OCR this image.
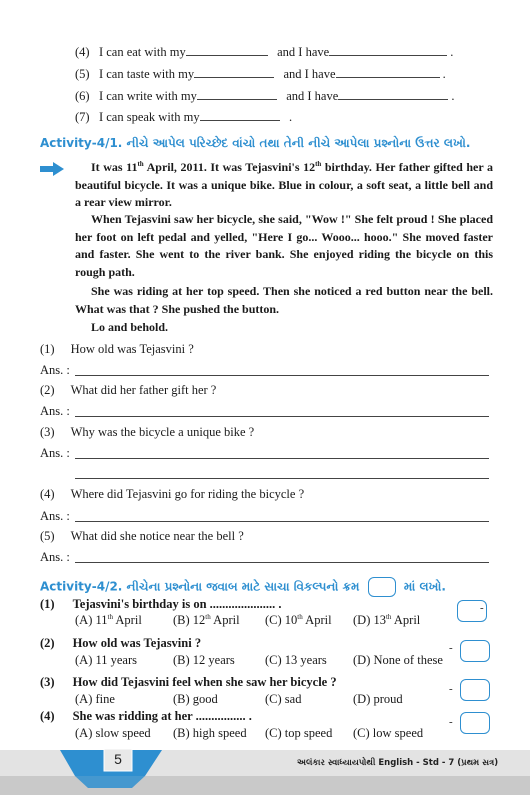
(4) I can eat with my	and I have	.
(5) I can taste with my	and I have	.
(6) I can write with my	and I have	.
(7) I can speak with my	.
Activity-4/1. નીચે આપેલ પરિચ્છેદ વાંચો તથા તેની નીચે આપેલા પ્રશ્નોના ઉત્તર લખો.
It was 11th April, 2011. It was Tejasvini's 12th birthday. Her father gifted her a beautiful bicycle. It was a unique bike. Blue in colour, a soft seat, a little bell and a rear view mirror.
When Tejasvini saw her bicycle, she said, "Wow !" She felt proud ! She placed her foot on left pedal and yelled, "Here I go... Wooo... hooo." She moved faster and faster. She went to the river bank. She enjoyed riding the bicycle on this rough path.
She was riding at her top speed. Then she noticed a red button near the bell. What was that ? She pushed the button.
Lo and behold.
(1) How old was Tejasvini ?
Ans. :
(2) What did her father gift her ?
Ans. :
(3) Why was the bicycle a unique bike ?
Ans. :
(4) Where did Tejasvini go for riding the bicycle ?
Ans. :
(5) What did she notice near the bell ?
Ans. :
Activity-4/2. નીચેના પ્રશ્નોના જવાબ માટે સાચા વિકલ્પનો ક્રમ	માં લખો.
(1) Tejasvini's birthday is on ..................... .
(A) 11th April (B) 12th April (C) 10th April (D) 13th April
-
(2) How old was Tejasvini ?
(A) 11 years	(B) 12 years (C) 13 years (D) None of these
-
(3) How did Tejasvini feel when she saw her bicycle ?
(A) fine	(B) good	(C) sad	(D) proud
-
(4) She was ridding at her ................ .
(A) slow speed (B) high speed (C) top speed (C) low speed
-
5	અલંકાર સ્વાધ્યાયપોથી English - Std - 7 (પ્રથમ સત્ર)
